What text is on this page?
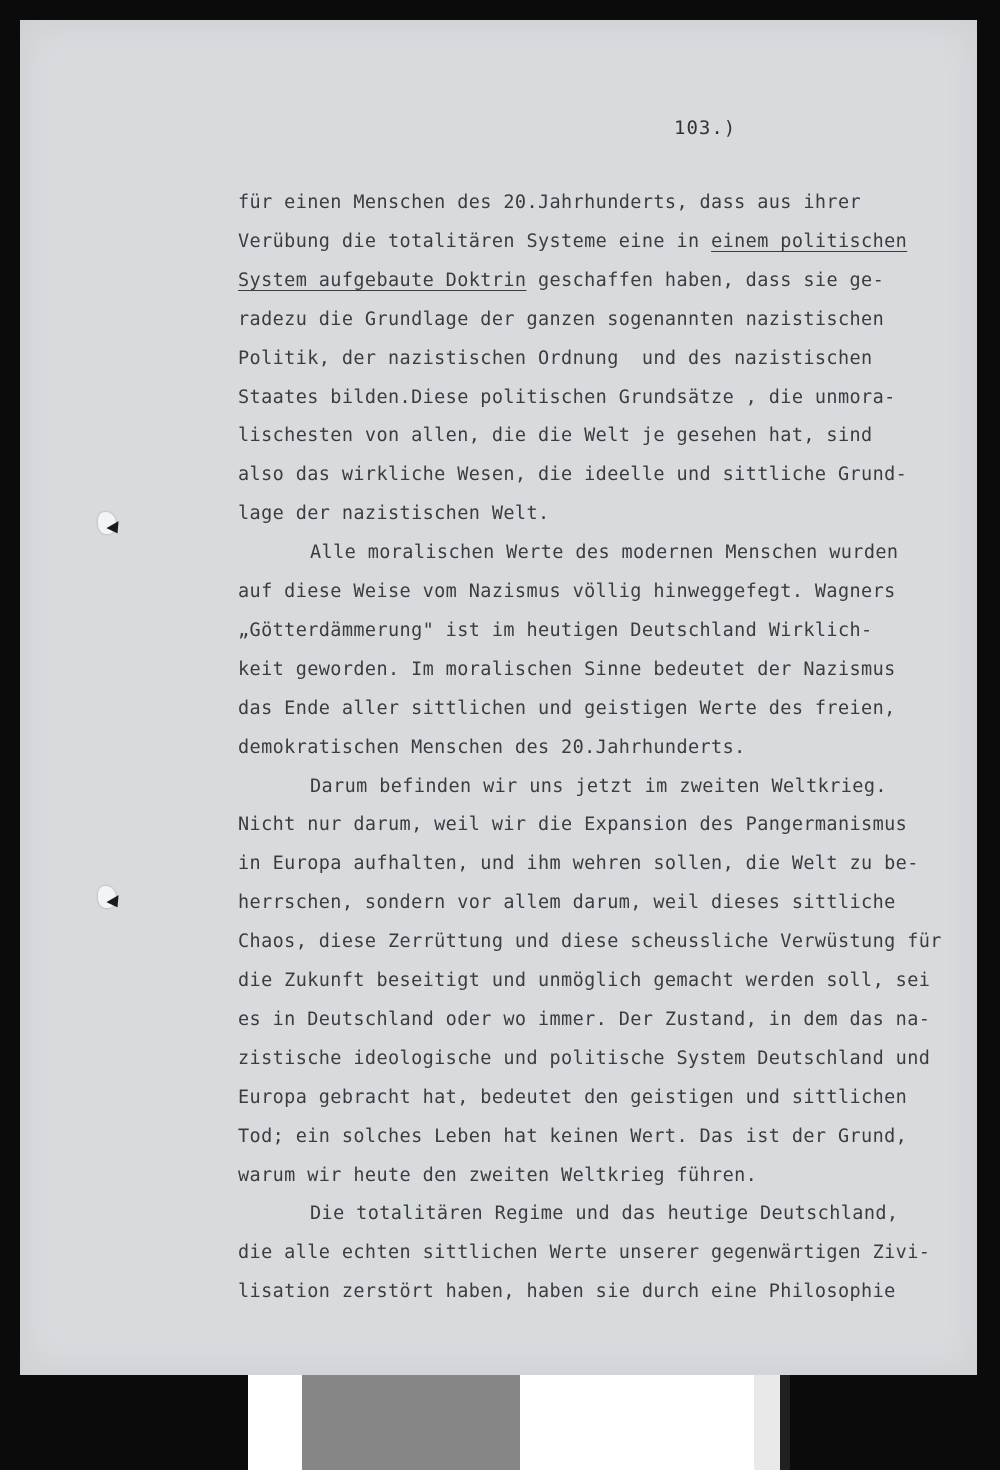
103.)
für einen Menschen des 20.Jahrhunderts, dass aus ihrer
Verübung die totalitären Systeme eine in einem politischen
System aufgebaute Doktrin geschaffen haben, dass sie ge-
radezu die Grundlage der ganzen sogenannten nazistischen
Politik, der nazistischen Ordnung  und des nazistischen
Staates bilden.Diese politischen Grundsätze , die unmora-
lischesten von allen, die die Welt je gesehen hat, sind
also das wirkliche Wesen, die ideelle und sittliche Grund-
lage der nazistischen Welt.
Alle moralischen Werte des modernen Menschen wurden
auf diese Weise vom Nazismus völlig hinweggefegt. Wagners
„Götterdämmerung" ist im heutigen Deutschland Wirklich-
keit geworden. Im moralischen Sinne bedeutet der Nazismus
das Ende aller sittlichen und geistigen Werte des freien,
demokratischen Menschen des 20.Jahrhunderts.
Darum befinden wir uns jetzt im zweiten Weltkrieg.
Nicht nur darum, weil wir die Expansion des Pangermanismus
in Europa aufhalten, und ihm wehren sollen, die Welt zu be-
herrschen, sondern vor allem darum, weil dieses sittliche
Chaos, diese Zerrüttung und diese scheussliche Verwüstung für
die Zukunft beseitigt und unmöglich gemacht werden soll, sei
es in Deutschland oder wo immer. Der Zustand, in dem das na-
zistische ideologische und politische System Deutschland und
Europa gebracht hat, bedeutet den geistigen und sittlichen
Tod; ein solches Leben hat keinen Wert. Das ist der Grund,
warum wir heute den zweiten Weltkrieg führen.
Die totalitären Regime und das heutige Deutschland,
die alle echten sittlichen Werte unserer gegenwärtigen Zivi-
lisation zerstört haben, haben sie durch eine Philosophie
